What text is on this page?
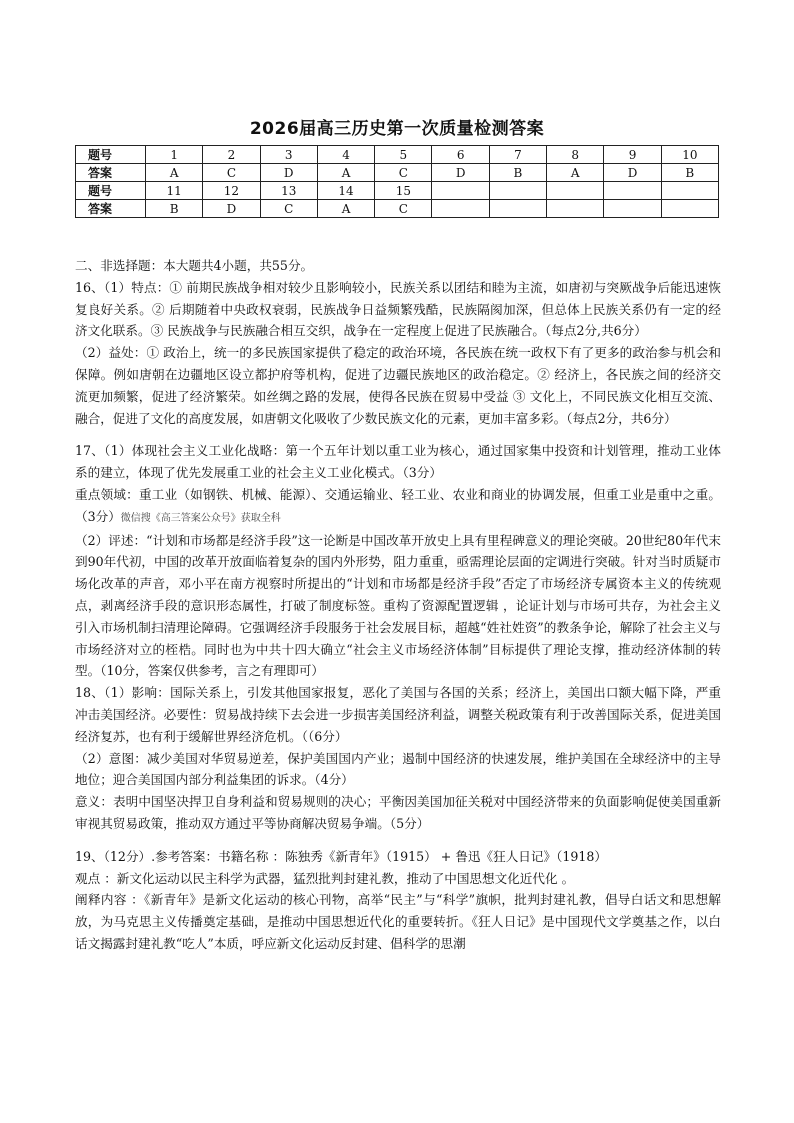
2026届高三历史第一次质量检测答案
题号	1	2	3	4	5	6	7	8	9	10
答案	A	C	D	A	C	D	B	A	D	B
题号	11	12	13	14	15					
答案	B	D	C	A	C					

二、非选择题：本大题共4小题，共55分。

16、（1）特点：① 前期民族战争相对较少且影响较小，民族关系以团结和睦为主流，如唐初与突厥战争后能迅速恢复良好关系。② 后期随着中央政权衰弱，民族战争日益频繁残酷，民族隔阂加深，但总体上民族关系仍有一定的经济文化联系。③ 民族战争与民族融合相互交织，战争在一定程度上促进了民族融合。（每点2分,共6分）

（2）益处：① 政治上，统一的多民族国家提供了稳定的政治环境，各民族在统一政权下有了更多的政治参与机会和保障。例如唐朝在边疆地区设立都护府等机构，促进了边疆民族地区的政治稳定。② 经济上，各民族之间的经济交流更加频繁，促进了经济繁荣。如丝绸之路的发展，使得各民族在贸易中受益 ③ 文化上，不同民族文化相互交流、融合，促进了文化的高度发展，如唐朝文化吸收了少数民族文化的元素，更加丰富多彩。（每点2分，共6分）

17、（1）体现社会主义工业化战略：第一个五年计划以重工业为核心，通过国家集中投资和计划管理，推动工业体系的建立，体现了优先发展重工业的社会主义工业化模式。（3分）

重点领域：重工业（如钢铁、机械、能源）、交通运输业、轻工业、农业和商业的协调发展，但重工业是重中之重。（3分）微信搜《高三答案公众号》获取全科

（2）评述：“计划和市场都是经济手段”这一论断是中国改革开放史上具有里程碑意义的理论突破。20世纪80年代末到90年代初，中国的改革开放面临着复杂的国内外形势，阻力重重，亟需理论层面的定调进行突破。针对当时质疑市场化改革的声音，邓小平在南方视察时所提出的“计划和市场都是经济手段”否定了市场经济专属资本主义的传统观点，剥离经济手段的意识形态属性，打破了制度标签。重构了资源配置逻辑 ，论证计划与市场可共存，为社会主义引入市场机制扫清理论障碍。它强调经济手段服务于社会发展目标，超越“姓社姓资”的教条争论，解除了社会主义与市场经济对立的桎梏。同时也为中共十四大确立“社会主义市场经济体制”目标提供了理论支撑，推动经济体制的转型。（10分，答案仅供参考，言之有理即可）

18、（1）影响：国际关系上，引发其他国家报复，恶化了美国与各国的关系；经济上，美国出口额大幅下降，严重冲击美国经济。必要性：贸易战持续下去会进一步损害美国经济利益，调整关税政策有利于改善国际关系，促进美国经济复苏，也有利于缓解世界经济危机。（（6分）

（2）意图：减少美国对华贸易逆差，保护美国国内产业；遏制中国经济的快速发展，维护美国在全球经济中的主导地位；迎合美国国内部分利益集团的诉求。（4分）

意义：表明中国坚决捍卫自身利益和贸易规则的决心；平衡因美国加征关税对中国经济带来的负面影响促使美国重新审视其贸易政策，推动双方通过平等协商解决贸易争端。（5分）

19、（12分）.参考答案：书籍名称 ：陈独秀《新青年》（1915） + 鲁迅《狂人日记》（1918）

观点 ：新文化运动以民主科学为武器，猛烈批判封建礼教，推动了中国思想文化近代化 。

阐释内容 ：《新青年》是新文化运动的核心刊物，高举“民主”与“科学”旗帜，批判封建礼教，倡导白话文和思想解放，为马克思主义传播奠定基础，是推动中国思想近代化的重要转折。《狂人日记》是中国现代文学奠基之作，以白话文揭露封建礼教“吃人”本质，呼应新文化运动反封建、倡科学的思潮
